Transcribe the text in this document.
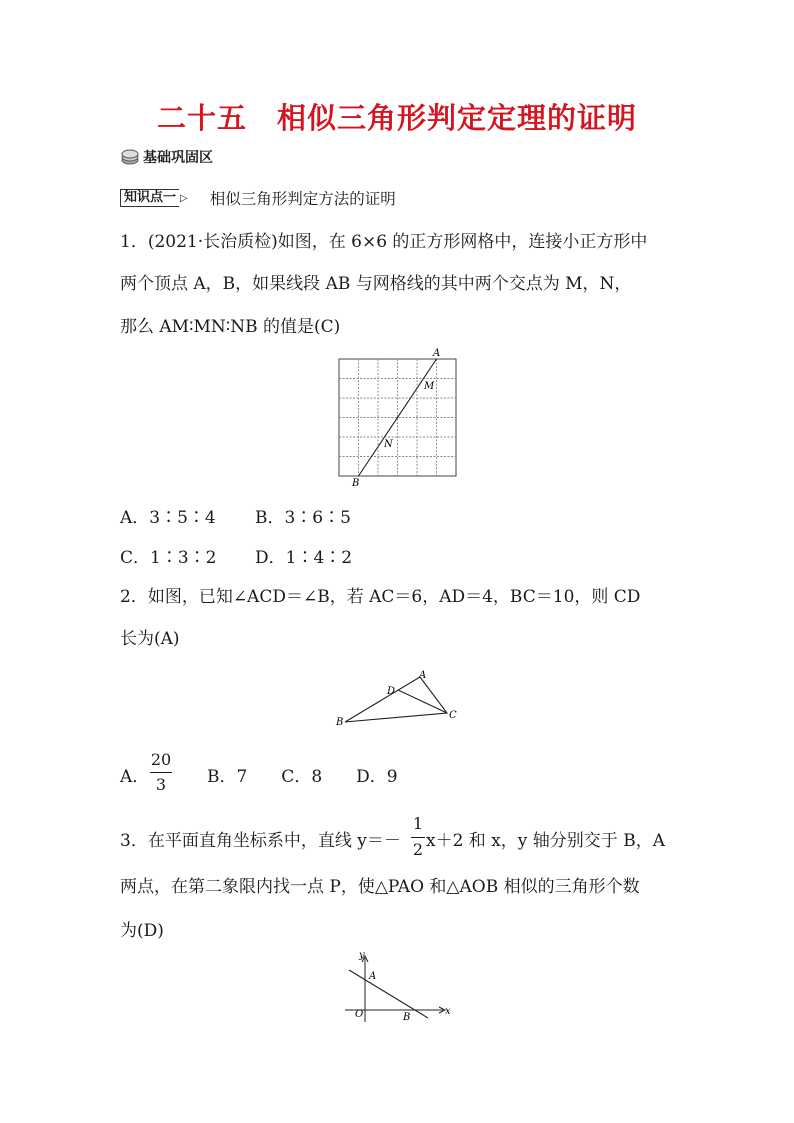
二十五　相似三角形判定定理的证明
基础巩固区
知识点一 ▷ 相似三角形判定方法的证明
1．(2021·长治质检)如图，在 6×6 的正方形网格中，连接小正方形中
两个顶点 A，B，如果线段 AB 与网格线的其中两个交点为 M，N，
那么 AM∶MN∶NB 的值是(C)
A
M
N
B
A．3∶5∶4 B．3∶6∶5
C．1∶3∶2 D．1∶4∶2
2．如图，已知∠ACD＝∠B，若 AC＝6，AD＝4，BC＝10，则 CD
长为(A)
A
D
C
B
A．
20
3	B．7　　C．8　　D．9
3．在平面直角坐标系中，直线 y＝－
1
2 x＋2 和 x，y 轴分别交于 B，A
两点，在第二象限内找一点 P，使△PAO 和△AOB 相似的三角形个数
为(D)
y
x
A
O	B
